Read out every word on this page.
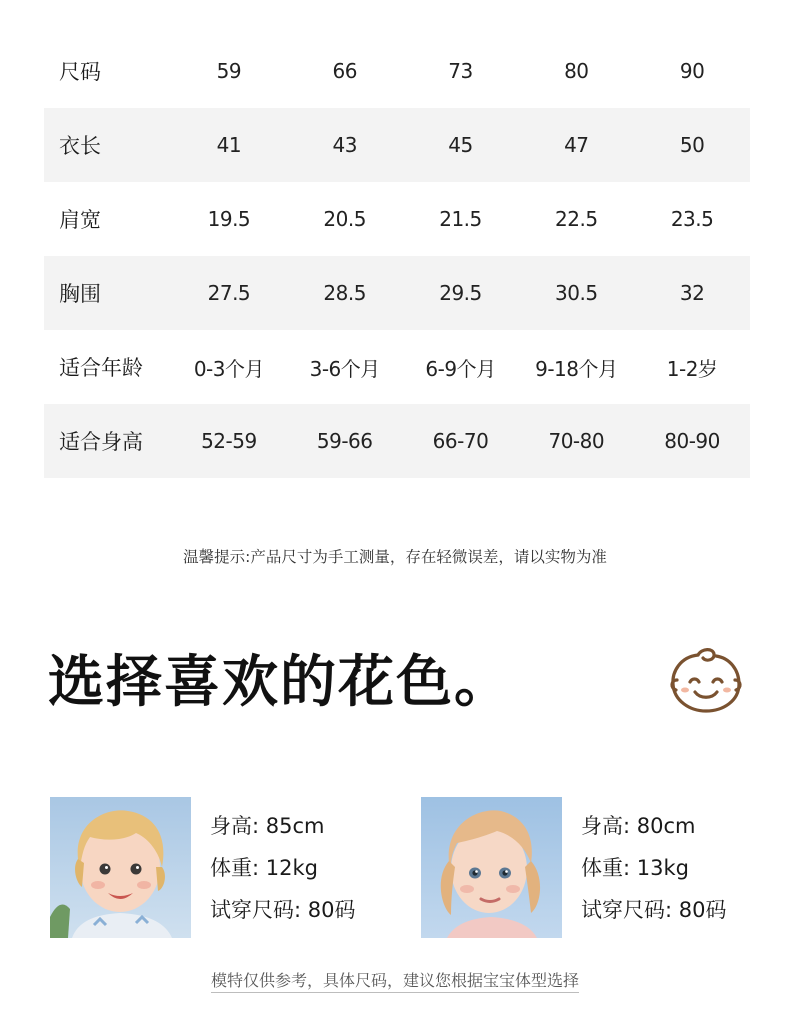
尺码	59	66	73	80	90
衣长	41	43	45	47	50
肩宽	19.5	20.5	21.5	22.5	23.5
胸围	27.5	28.5	29.5	30.5	32
适合年龄	0-3个月	3-6个月	6-9个月	9-18个月	1-2岁
适合身高	52-59	59-66	66-70	70-80	80-90
温馨提示:产品尺寸为手工测量，存在轻微误差，请以实物为准
选择喜欢的花色。
身高: 85cm
体重: 12kg
试穿尺码: 80码
身高: 80cm
体重: 13kg
试穿尺码: 80码
模特仅供参考，具体尺码，建议您根据宝宝体型选择
